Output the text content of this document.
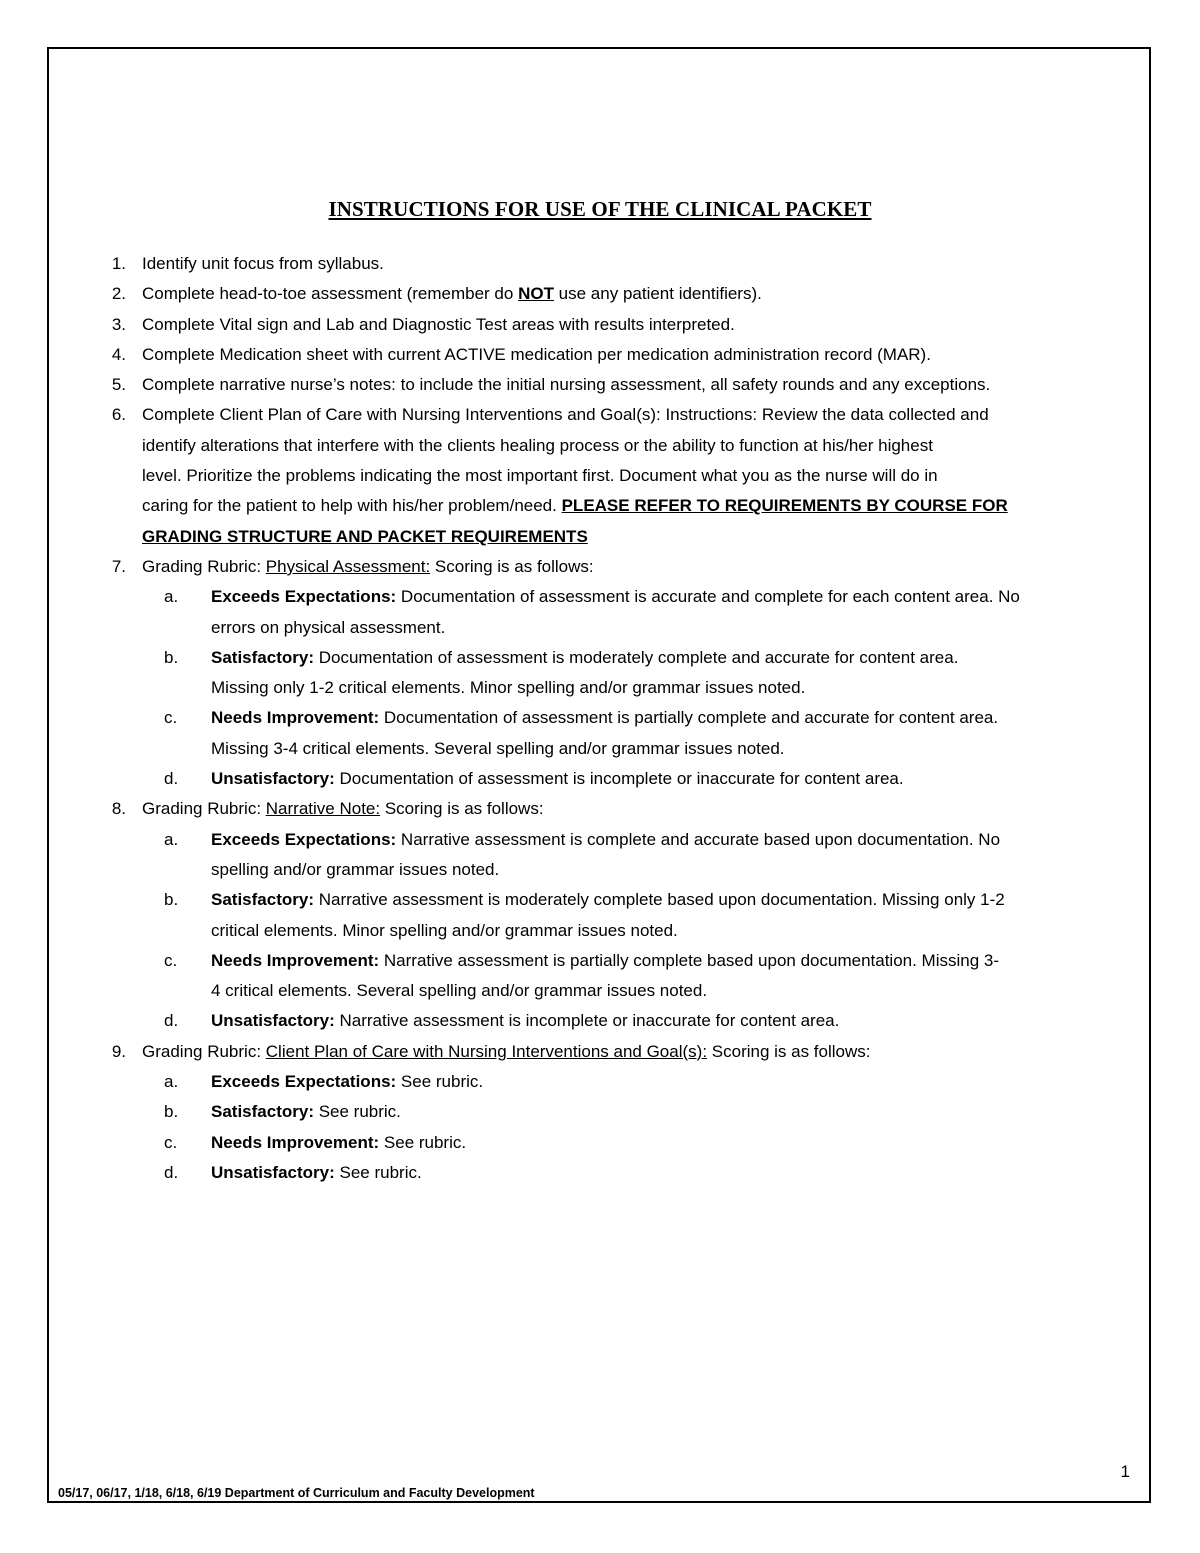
INSTRUCTIONS FOR USE OF THE CLINICAL PACKET
1. Identify unit focus from syllabus.
2. Complete head-to-toe assessment (remember do NOT use any patient identifiers).
3. Complete Vital sign and Lab and Diagnostic Test areas with results interpreted.
4. Complete Medication sheet with current ACTIVE medication per medication administration record (MAR).
5. Complete narrative nurse’s notes: to include the initial nursing assessment, all safety rounds and any exceptions.
6. Complete Client Plan of Care with Nursing Interventions and Goal(s): Instructions: Review the data collected and
identify alterations that interfere with the clients healing process or the ability to function at his/her highest
level. Prioritize the problems indicating the most important first. Document what you as the nurse will do in
caring for the patient to help with his/her problem/need. PLEASE REFER TO REQUIREMENTS BY COURSE FOR
GRADING STRUCTURE AND PACKET REQUIREMENTS
7. Grading Rubric: Physical Assessment: Scoring is as follows:
a.	Exceeds Expectations: Documentation of assessment is accurate and complete for each content area. No
errors on physical assessment.
b.	Satisfactory: Documentation of assessment is moderately complete and accurate for content area.
Missing only 1-2 critical elements. Minor spelling and/or grammar issues noted.
c.	Needs Improvement: Documentation of assessment is partially complete and accurate for content area.
Missing 3-4 critical elements. Several spelling and/or grammar issues noted.
d.	Unsatisfactory: Documentation of assessment is incomplete or inaccurate for content area.
8. Grading Rubric: Narrative Note: Scoring is as follows:
a.	Exceeds Expectations: Narrative assessment is complete and accurate based upon documentation. No
spelling and/or grammar issues noted.
b.	Satisfactory: Narrative assessment is moderately complete based upon documentation. Missing only 1-2
critical elements. Minor spelling and/or grammar issues noted.
c.	Needs Improvement: Narrative assessment is partially complete based upon documentation. Missing 3-
4 critical elements. Several spelling and/or grammar issues noted.
d.	Unsatisfactory: Narrative assessment is incomplete or inaccurate for content area.
9. Grading Rubric: Client Plan of Care with Nursing Interventions and Goal(s): Scoring is as follows:
a.	Exceeds Expectations: See rubric.
b.	Satisfactory: See rubric.
c.	Needs Improvement: See rubric.
d.	Unsatisfactory: See rubric.
1
05/17, 06/17, 1/18, 6/18, 6/19 Department of Curriculum and Faculty Development
